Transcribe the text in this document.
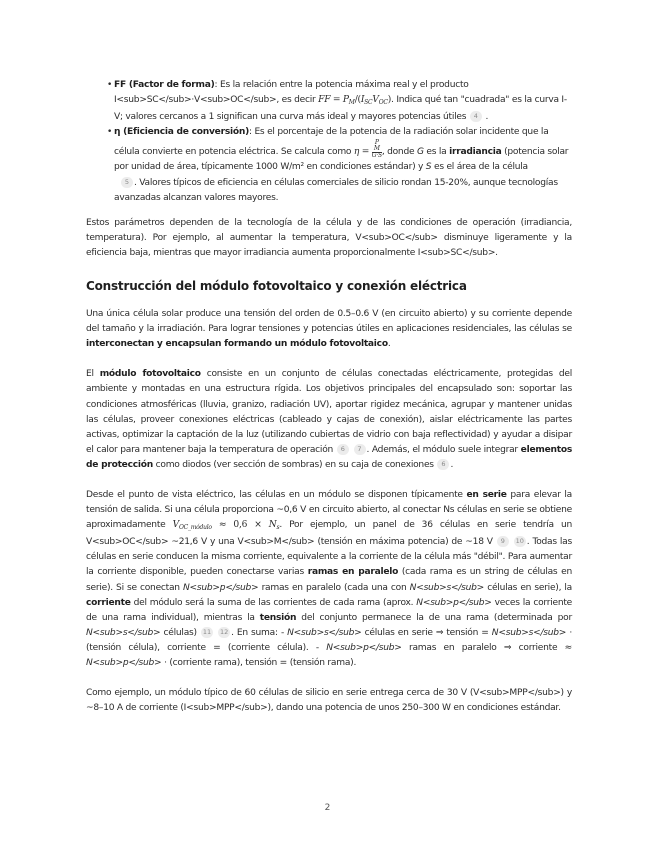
• FF (Factor de forma): Es la relación entre la potencia máxima real y el producto I<sub>SC</sub>·V<sub>OC</sub>, es decir FF = $P_M/(I_{SC}V_{OC})$. Indica qué tan "cuadrada" es la curva I-V; valores cercanos a 1 significan una curva más ideal y mayores potencias útiles 4 .
• η (Eficiencia de conversión): Es el porcentaje de la potencia de la radiación solar incidente que la célula convierte en potencia eléctrica. Se calcula como η = P
M
G·S , donde G es la irradiancia (potencia solar por unidad de área, típicamente 1000 W/m² en condiciones estándar) y S es el área de la célula
5 . Valores típicos de eficiencia en células comerciales de silicio rondan 15-20%, aunque tecnologías avanzadas alcanzan valores mayores.

Estos parámetros dependen de la tecnología de la célula y de las condiciones de operación (irradiancia, temperatura). Por ejemplo, al aumentar la temperatura, V<sub>OC</sub> disminuye ligeramente y la eficiencia baja, mientras que mayor irradiancia aumenta proporcionalmente I<sub>SC</sub>.

Construcción del módulo fotovoltaico y conexión eléctrica

Una única célula solar produce una tensión del orden de 0.5–0.6 V (en circuito abierto) y su corriente depende del tamaño y la irradiación. Para lograr tensiones y potencias útiles en aplicaciones residenciales, las células se interconectan y encapsulan formando un módulo fotovoltaico.

El módulo fotovoltaico consiste en un conjunto de células conectadas eléctricamente, protegidas del ambiente y montadas en una estructura rígida. Los objetivos principales del encapsulado son: soportar las condiciones atmosféricas (lluvia, granizo, radiación UV), aportar rigidez mecánica, agrupar y mantener unidas las células, proveer conexiones eléctricas (cableado y cajas de conexión), aislar eléctricamente las partes activas, optimizar la captación de la luz (utilizando cubiertas de vidrio con baja reflectividad) y ayudar a disipar el calor para mantener baja la temperatura de operación 6 7 . Además, el módulo suele integrar elementos de protección como diodos (ver sección de sombras) en su caja de conexiones 6 .

Desde el punto de vista eléctrico, las células en un módulo se disponen típicamente en serie para elevar la tensión de salida. Si una célula proporciona ~0,6 V en circuito abierto, al conectar Ns células en serie se obtiene aproximadamente $V_{OC\_módulo} \approx 0,6 \times N_s$. Por ejemplo, un panel de 36 células en serie tendría un V<sub>OC</sub> ~21,6 V y una V<sub>M</sub> (tensión en máxima potencia) de ~18 V 9 10 . Todas las células en serie conducen la misma corriente, equivalente a la corriente de la célula más "débil". Para aumentar la corriente disponible, pueden conectarse varias ramas en paralelo (cada rama es un string de células en serie). Si se conectan N<sub>p</sub> ramas en paralelo (cada una con N<sub>s</sub> células en serie), la corriente del módulo será la suma de las corrientes de cada rama (aprox. N<sub>p</sub> veces la corriente de una rama individual), mientras la tensión del conjunto permanece la de una rama (determinada por N<sub>s</sub> células) 11 12 . En suma: - N<sub>s</sub> células en serie ⇒ tensión = N<sub>s</sub> · (tensión célula), corriente = (corriente célula). - N<sub>p</sub> ramas en paralelo ⇒ corriente ≈ N<sub>p</sub> · (corriente rama), tensión = (tensión rama).

Como ejemplo, un módulo típico de 60 células de silicio en serie entrega cerca de 30 V (V<sub>MPP</sub>) y ~8–10 A de corriente (I<sub>MPP</sub>), dando una potencia de unos 250–300 W en condiciones estándar.

2
